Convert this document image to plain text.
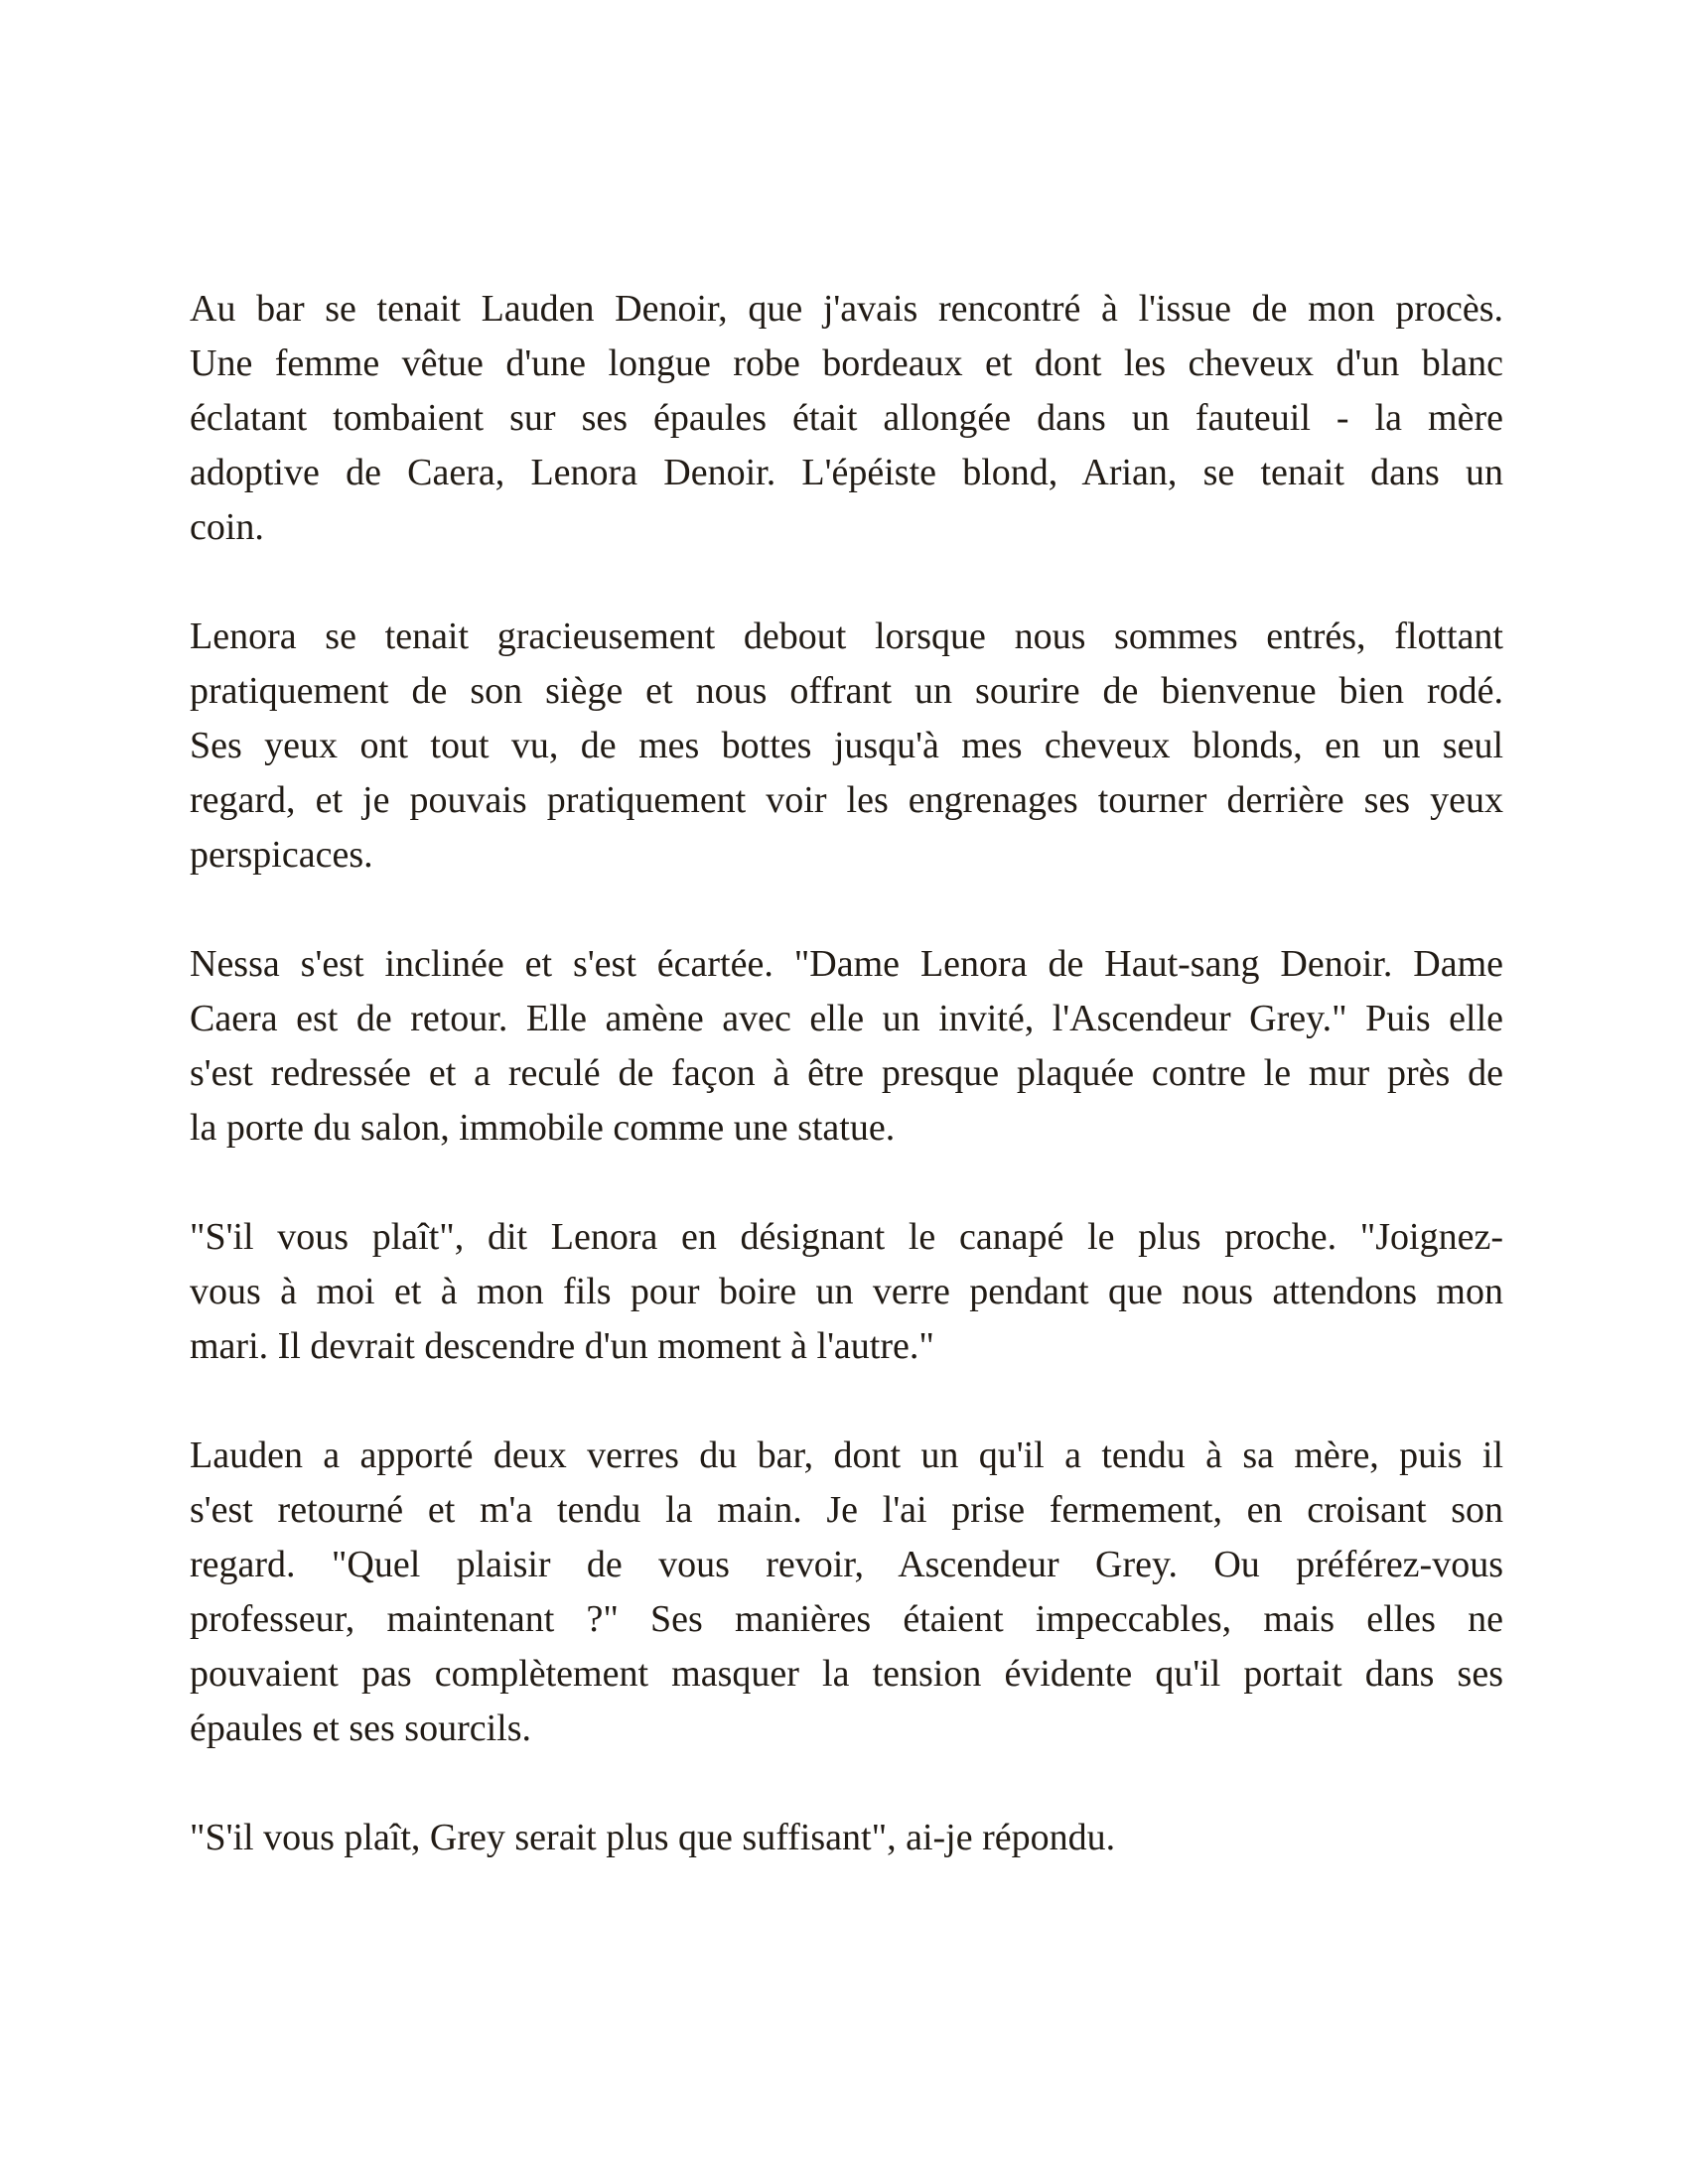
Au bar se tenait Lauden Denoir, que j'avais rencontré à l'issue de mon procès.
Une femme vêtue d'une longue robe bordeaux et dont les cheveux d'un blanc
éclatant tombaient sur ses épaules était allongée dans un fauteuil - la mère
adoptive de Caera, Lenora Denoir. L'épéiste blond, Arian, se tenait dans un
coin.

Lenora se tenait gracieusement debout lorsque nous sommes entrés, flottant
pratiquement de son siège et nous offrant un sourire de bienvenue bien rodé.
Ses yeux ont tout vu, de mes bottes jusqu'à mes cheveux blonds, en un seul
regard, et je pouvais pratiquement voir les engrenages tourner derrière ses yeux
perspicaces.

Nessa s'est inclinée et s'est écartée. "Dame Lenora de Haut-sang Denoir. Dame
Caera est de retour. Elle amène avec elle un invité, l'Ascendeur Grey." Puis elle
s'est redressée et a reculé de façon à être presque plaquée contre le mur près de
la porte du salon, immobile comme une statue.

"S'il vous plaît", dit Lenora en désignant le canapé le plus proche. "Joignez-
vous à moi et à mon fils pour boire un verre pendant que nous attendons mon
mari. Il devrait descendre d'un moment à l'autre."

Lauden a apporté deux verres du bar, dont un qu'il a tendu à sa mère, puis il
s'est retourné et m'a tendu la main. Je l'ai prise fermement, en croisant son
regard. "Quel plaisir de vous revoir, Ascendeur Grey. Ou préférez-vous
professeur, maintenant ?" Ses manières étaient impeccables, mais elles ne
pouvaient pas complètement masquer la tension évidente qu'il portait dans ses
épaules et ses sourcils.

"S'il vous plaît, Grey serait plus que suffisant", ai-je répondu.
